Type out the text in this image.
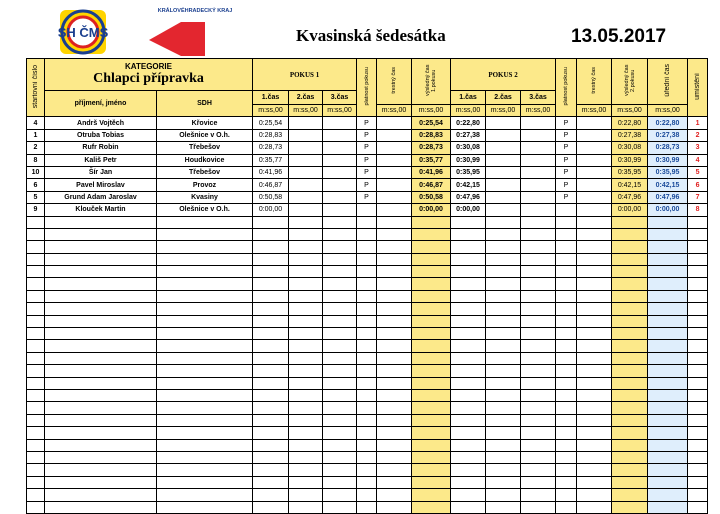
SH ČMS
KRÁLOVÉHRADECKÝ KRAJ
Kvasinská šedesátka	13.05.2017
startovní číslo	KATEGORIE
Chlapci přípravka		POKUS 1			platnost pokusu	trestný čas	výsledný čas 1.pokusu	POKUS 2			platnost pokusu	trestný čas	výsledný čas 2.pokusu	úřední čas	umístění
	příjmení, jméno	SDH	1.čas	2.čas	3.čas				1.čas	2.čas	3.čas					
			m:ss,00	m:ss,00	m:ss,00		m:ss,00	m:ss,00	m:ss,00	m:ss,00	m:ss,00		m:ss,00	m:ss,00	m:ss,00	
4	Andrš Vojtěch	Křovice	0:25,54			P		0:25,54	0:22,80			P		0:22,80	0:22,80	1
1	Otruba Tobias	Olešnice v O.h.	0:28,83			P		0:28,83	0:27,38			P		0:27,38	0:27,38	2
2	Rufr Robin	Třebešov	0:28,73			P		0:28,73	0:30,08			P		0:30,08	0:28,73	3
8	Kališ Petr	Houdkovice	0:35,77			P		0:35,77	0:30,99			P		0:30,99	0:30,99	4
10	Šír Jan	Třebešov	0:41,96			P		0:41,96	0:35,95			P		0:35,95	0:35,95	5
6	Pavel Miroslav	Provoz	0:46,87			P		0:46,87	0:42,15			P		0:42,15	0:42,15	6
5	Grund Adam Jaroslav	Kvasiny	0:50,58			P		0:50,58	0:47,96			P		0:47,96	0:47,96	7
9	Klouček Martin	Olešnice v O.h.	0:00,00					0:00,00	0:00,00					0:00,00	0:00,00	8
